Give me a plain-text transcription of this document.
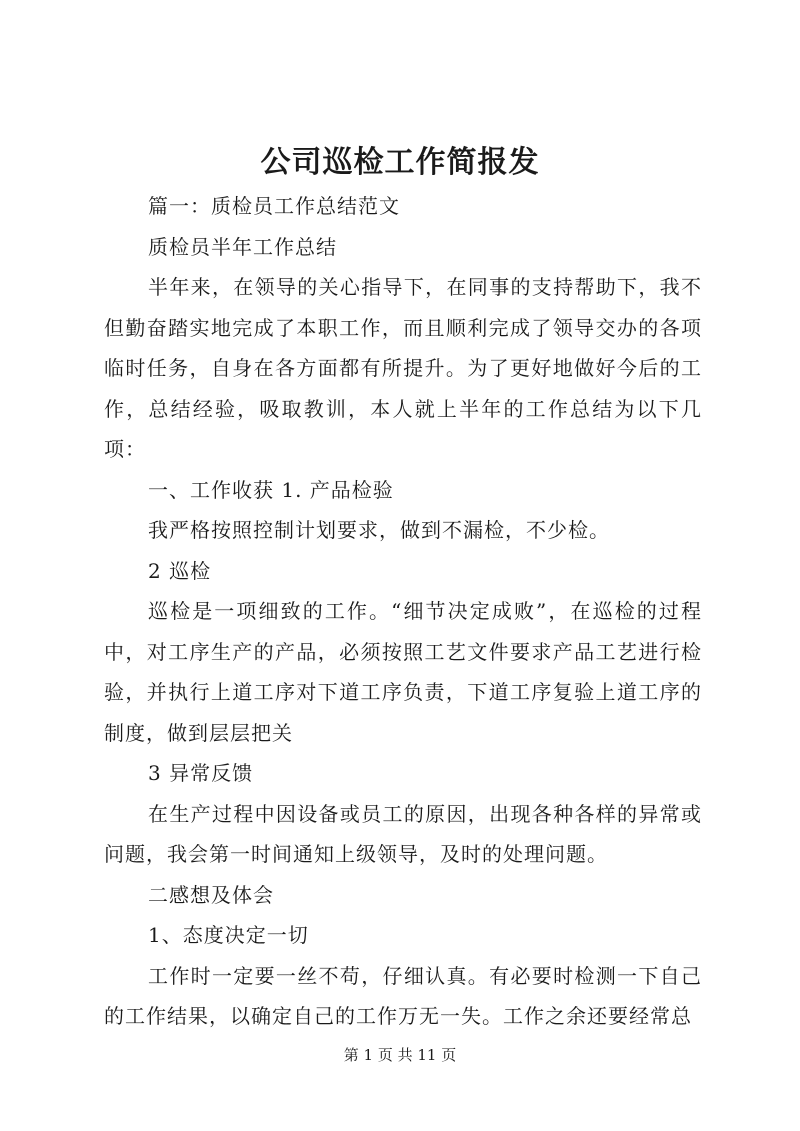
公司巡检工作简报发

篇一：质检员工作总结范文

质检员半年工作总结

半年来，在领导的关心指导下，在同事的支持帮助下，我不但勤奋踏实地完成了本职工作，而且顺利完成了领导交办的各项临时任务，自身在各方面都有所提升。为了更好地做好今后的工作，总结经验，吸取教训，本人就上半年的工作总结为以下几项：

一、工作收获 1. 产品检验

我严格按照控制计划要求，做到不漏检，不少检。

2 巡检

巡检是一项细致的工作。“细节决定成败”，在巡检的过程中，对工序生产的产品，必须按照工艺文件要求产品工艺进行检验，并执行上道工序对下道工序负责，下道工序复验上道工序的制度，做到层层把关

3 异常反馈

在生产过程中因设备或员工的原因，出现各种各样的异常或问题，我会第一时间通知上级领导，及时的处理问题。

二感想及体会

1、态度决定一切

工作时一定要一丝不苟，仔细认真。有必要时检测一下自己的工作结果，以确定自己的工作万无一失。工作之余还要经常总

第 1 页 共 11 页
